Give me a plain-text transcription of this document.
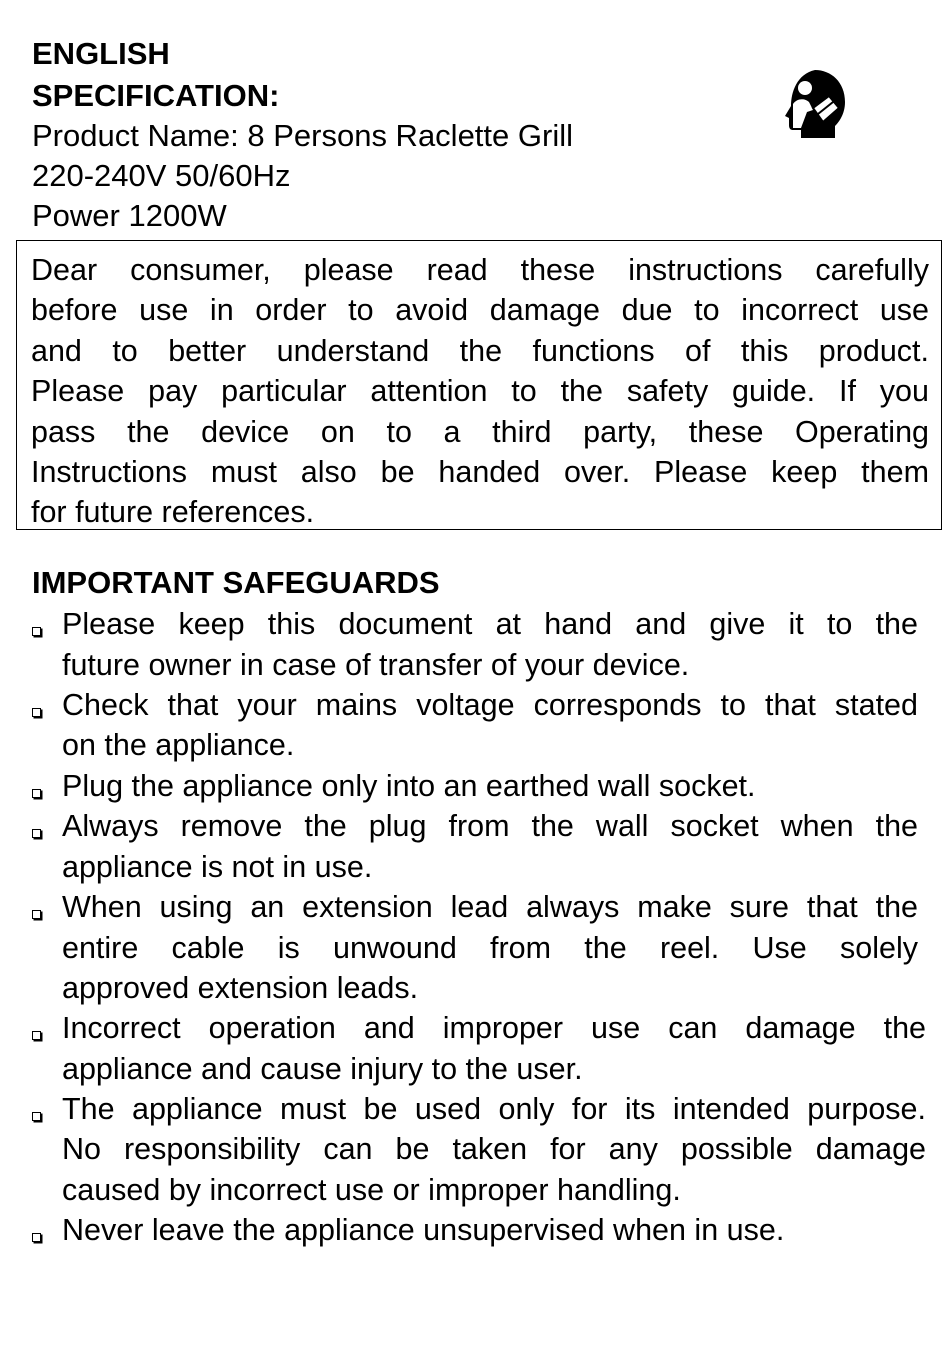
ENGLISH
SPECIFICATION:
Product Name: 8 Persons Raclette Grill
220-240V 50/60Hz
Power 1200W
Dear consumer, please read these instructions carefully
before use in order to avoid damage due to incorrect use
and to better understand the functions of this product.
Please pay particular attention to the safety guide. If you
pass the device on to a third party, these Operating
Instructions must also be handed over. Please keep them
for future references.
IMPORTANT SAFEGUARDS
Please keep this document at hand and give it to the
future owner in case of transfer of your device.
Check that your mains voltage corresponds to that stated
on the appliance.
Plug the appliance only into an earthed wall socket.
Always remove the plug from the wall socket when the
appliance is not in use.
When using an extension lead always make sure that the
entire cable is unwound from the reel. Use solely
approved extension leads.
Incorrect operation and improper use can damage the
appliance and cause injury to the user.
The appliance must be used only for its intended purpose.
No responsibility can be taken for any possible damage
caused by incorrect use or improper handling.
Never leave the appliance unsupervised when in use.
